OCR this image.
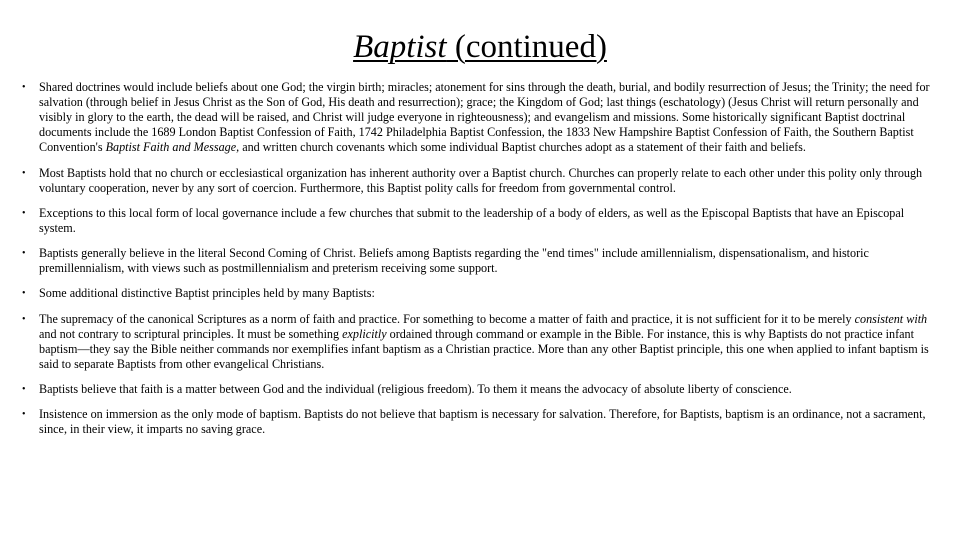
Baptist (continued)
• Shared doctrines would include beliefs about one God; the virgin birth; miracles; atonement for sins through the death, burial, and bodily resurrection of Jesus; the Trinity; the need for salvation (through belief in Jesus Christ as the Son of God, His death and resurrection); grace; the Kingdom of God; last things (eschatology) (Jesus Christ will return personally and visibly in glory to the earth, the dead will be raised, and Christ will judge everyone in righteousness); and evangelism and missions. Some historically significant Baptist doctrinal documents include the 1689 London Baptist Confession of Faith, 1742 Philadelphia Baptist Confession, the 1833 New Hampshire Baptist Confession of Faith, the Southern Baptist Convention's Baptist Faith and Message, and written church covenants which some individual Baptist churches adopt as a statement of their faith and beliefs.
• Most Baptists hold that no church or ecclesiastical organization has inherent authority over a Baptist church. Churches can properly relate to each other under this polity only through voluntary cooperation, never by any sort of coercion. Furthermore, this Baptist polity calls for freedom from governmental control.
• Exceptions to this local form of local governance include a few churches that submit to the leadership of a body of elders, as well as the Episcopal Baptists that have an Episcopal system.
• Baptists generally believe in the literal Second Coming of Christ. Beliefs among Baptists regarding the "end times" include amillennialism, dispensationalism, and historic premillennialism, with views such as postmillennialism and preterism receiving some support.
• Some additional distinctive Baptist principles held by many Baptists:
• The supremacy of the canonical Scriptures as a norm of faith and practice. For something to become a matter of faith and practice, it is not sufficient for it to be merely consistent with and not contrary to scriptural principles. It must be something explicitly ordained through command or example in the Bible. For instance, this is why Baptists do not practice infant baptism—they say the Bible neither commands nor exemplifies infant baptism as a Christian practice. More than any other Baptist principle, this one when applied to infant baptism is said to separate Baptists from other evangelical Christians.
• Baptists believe that faith is a matter between God and the individual (religious freedom). To them it means the advocacy of absolute liberty of conscience.
• Insistence on immersion as the only mode of baptism. Baptists do not believe that baptism is necessary for salvation. Therefore, for Baptists, baptism is an ordinance, not a sacrament, since, in their view, it imparts no saving grace.
